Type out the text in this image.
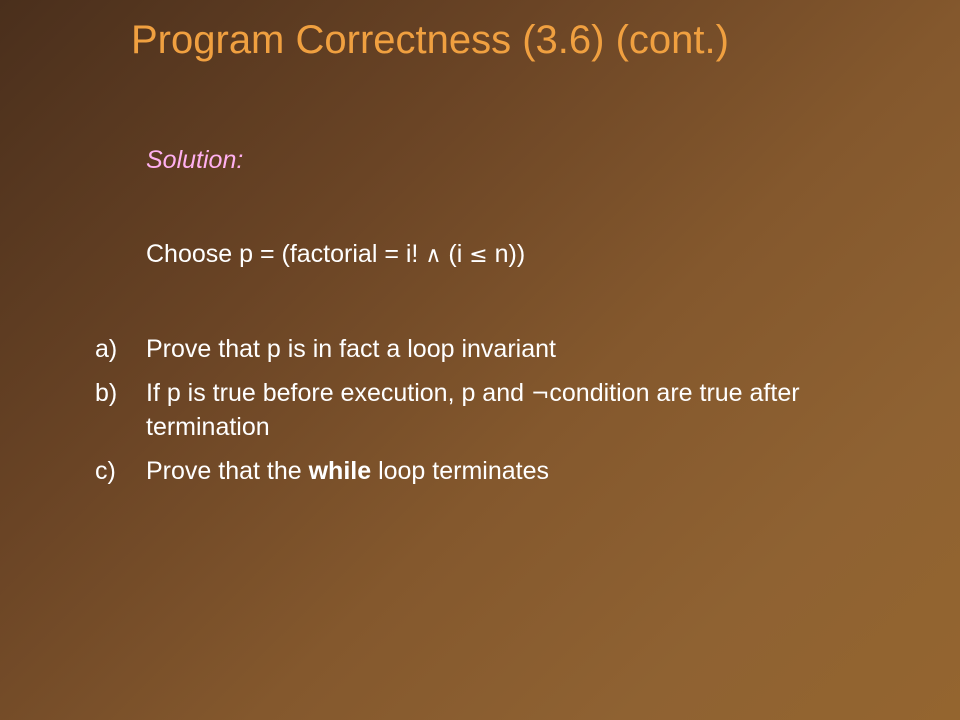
Program Correctness (3.6) (cont.)
Solution:
Choose p = (factorial = i! ∧ (i ≤ n))
a)	Prove that p is in fact a loop invariant
b)	If p is true before execution, p and ¬condition are true after termination
c)	Prove that the while loop terminates
